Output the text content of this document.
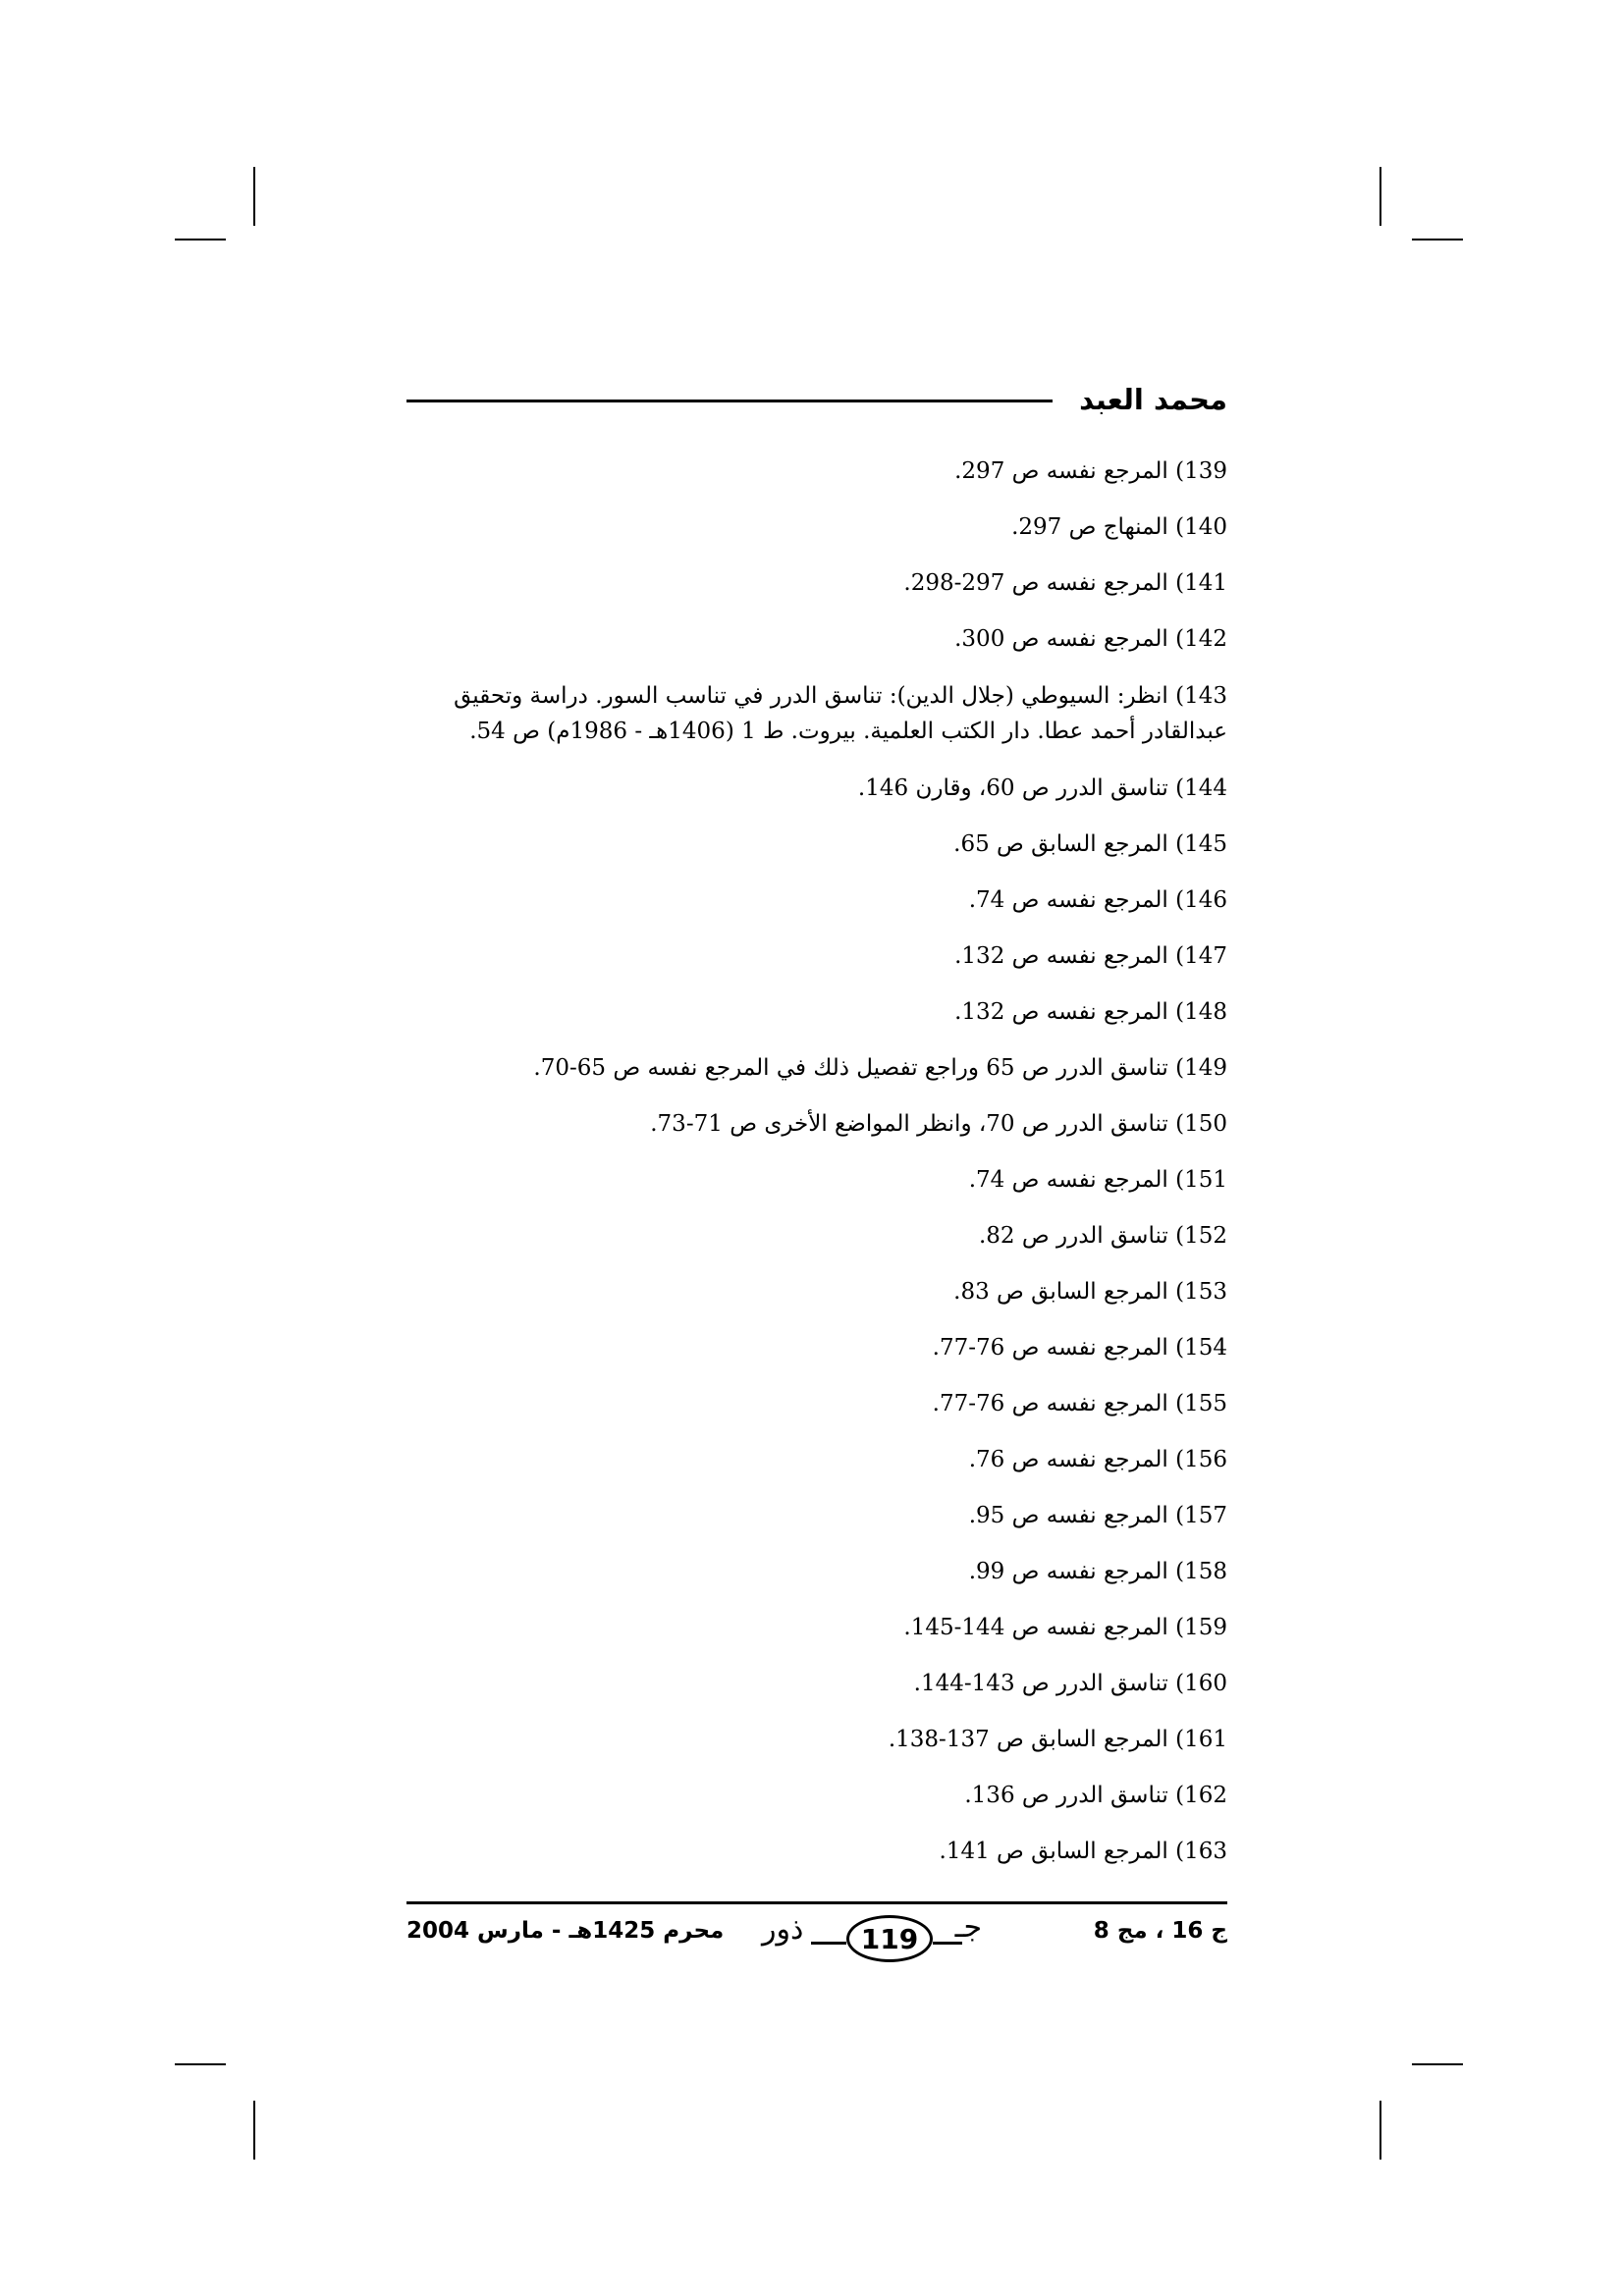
محمد العبد
139) المرجع نفسه ص 297.
140) المنهاج ص 297.
141) المرجع نفسه ص 297-298.
142) المرجع نفسه ص 300.
143) انظر: السيوطي (جلال الدين): تناسق الدرر في تناسب السور. دراسة وتحقيق عبدالقادر أحمد عطا. دار الكتب العلمية. بيروت. ط 1 (1406هـ - 1986م) ص 54.
144) تناسق الدرر ص 60، وقارن 146.
145) المرجع السابق ص 65.
146) المرجع نفسه ص 74.
147) المرجع نفسه ص 132.
148) المرجع نفسه ص 132.
149) تناسق الدرر ص 65 وراجع تفصيل ذلك في المرجع نفسه ص 65-70.
150) تناسق الدرر ص 70، وانظر المواضع الأخرى ص 71-73.
151) المرجع نفسه ص 74.
152) تناسق الدرر ص 82.
153) المرجع السابق ص 83.
154) المرجع نفسه ص 76-77.
155) المرجع نفسه ص 76-77.
156) المرجع نفسه ص 76.
157) المرجع نفسه ص 95.
158) المرجع نفسه ص 99.
159) المرجع نفسه ص 144-145.
160) تناسق الدرر ص 143-144.
161) المرجع السابق ص 137-138.
162) تناسق الدرر ص 136.
163) المرجع السابق ص 141.
ج 16 ، مج 8
جـ
119
ذور
محرم 1425هـ - مارس 2004
